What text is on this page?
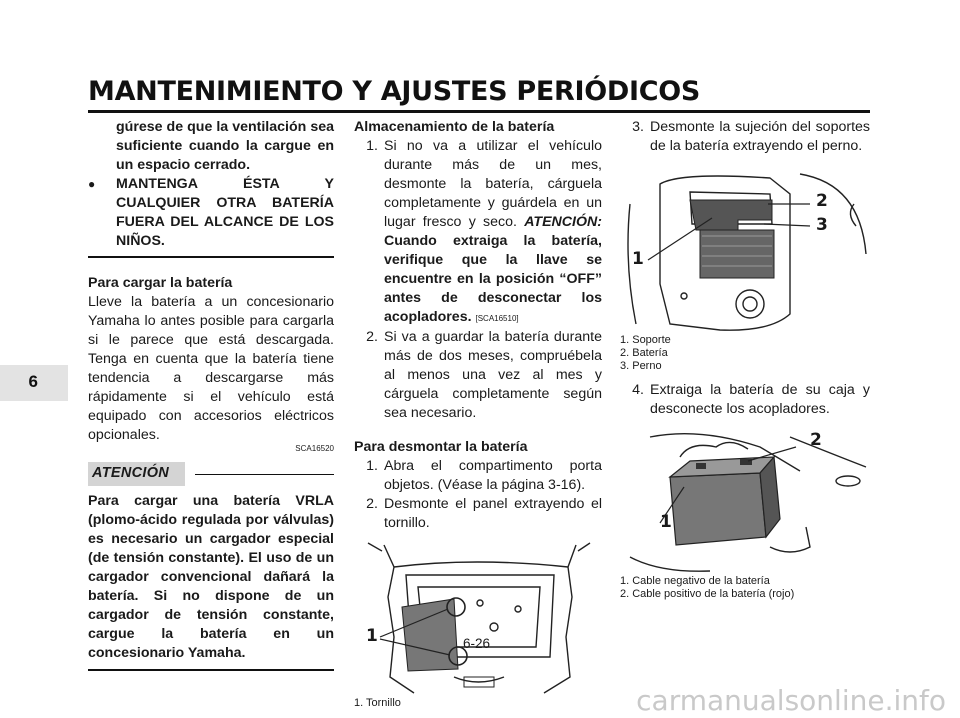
MANTENIMIENTO Y AJUSTES PERIÓDICOS
6

gúrese de que la ventilación sea suficiente cuando la cargue en un espacio cerrado.

●	MANTENGA ÉSTA Y CUALQUIER OTRA BATERÍA FUERA DEL ALCANCE DE LOS NIÑOS.

Para cargar la batería

Lleve la batería a un concesionario Yamaha lo antes posible para cargarla si le parece que está descargada. Tenga en cuenta que la batería tiene tendencia a descargarse más rápidamente si el vehículo está equipado con accesorios eléctricos opcionales.

SCA16520
ATENCIÓN

Para cargar una batería VRLA (plomo-ácido regulada por válvulas) es necesario un cargador especial (de tensión constante). El uso de un cargador convencional dañará la batería. Si no dispone de un cargador de tensión constante, cargue la batería en un concesionario Yamaha.

Almacenamiento de la batería

1. Si no va a utilizar el vehículo durante más de un mes, desmonte la batería, cárguela completamente y guárdela en un lugar fresco y seco. ATENCIÓN: Cuando extraiga la batería, verifique que la llave se encuentre en la posición “OFF” antes de desconectar los acopladores. [SCA16510]
2. Si va a guardar la batería durante más de dos meses, compruébela al menos una vez al mes y cárguela completamente según sea necesario.

Para desmontar la batería

1. Abra el compartimento porta objetos. (Véase la página 3-16).
2. Desmonte el panel extrayendo el tornillo.
1
1. Tornillo
3. Desmonte la sujeción del soportes de la batería extrayendo el perno.
1
2
3
1. Soporte
2. Batería
3. Perno
4. Extraiga la batería de su caja y desconecte los acopladores.
1
2
1. Cable negativo de la batería
2. Cable positivo de la batería (rojo)
6-26
carmanualsonline.info
